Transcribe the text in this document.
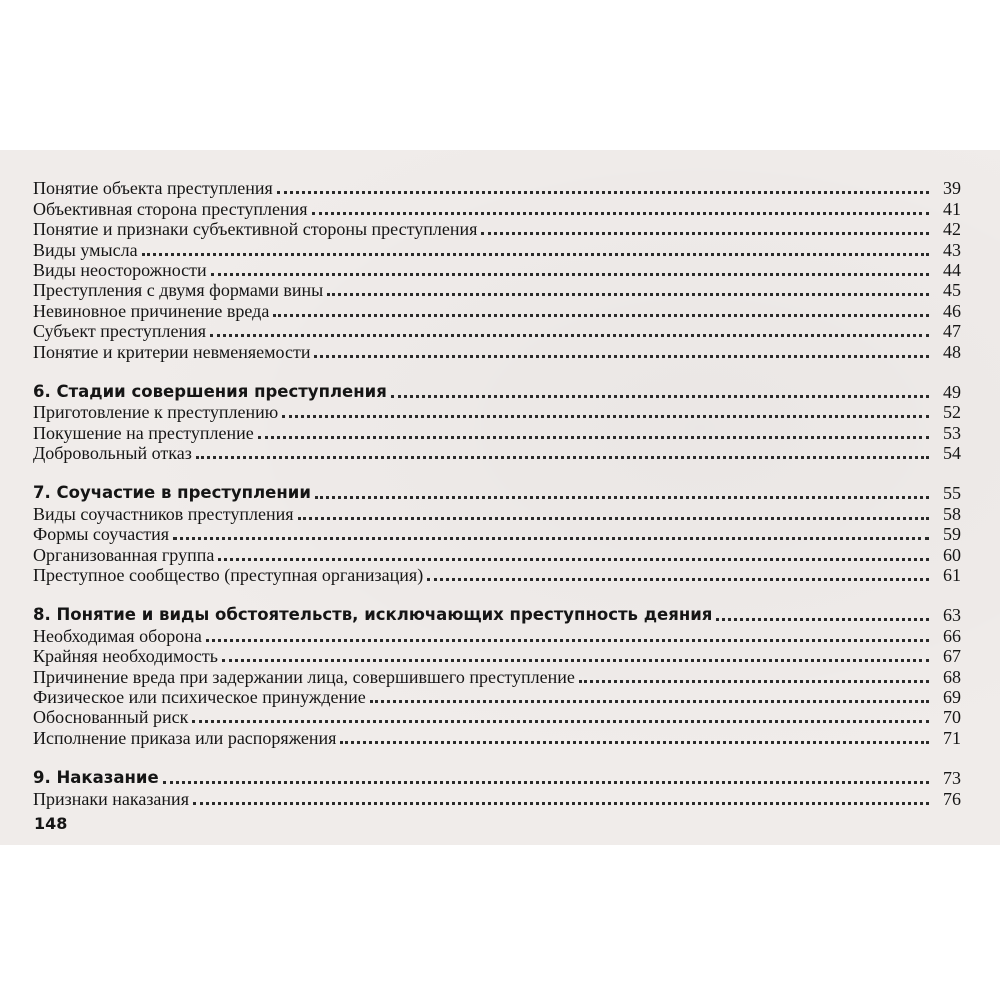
Понятие объекта преступления	39
Объективная сторона преступления	41
Понятие и признаки субъективной стороны преступления	42
Виды умысла	43
Виды неосторожности	44
Преступления с двумя формами вины	45
Невиновное причинение вреда	46
Субъект преступления	47
Понятие и критерии невменяемости	48
6. Стадии совершения преступления	49
Приготовление к преступлению	52
Покушение на преступление	53
Добровольный отказ	54
7. Соучастие в преступлении	55
Виды соучастников преступления	58
Формы соучастия	59
Организованная группа	60
Преступное сообщество (преступная организация)	61
8. Понятие и виды обстоятельств, исключающих преступность деяния	63
Необходимая оборона	66
Крайняя необходимость	67
Причинение вреда при задержании лица, совершившего преступление	68
Физическое или психическое принуждение	69
Обоснованный риск	70
Исполнение приказа или распоряжения	71
9. Наказание	73
Признаки наказания	76
148
